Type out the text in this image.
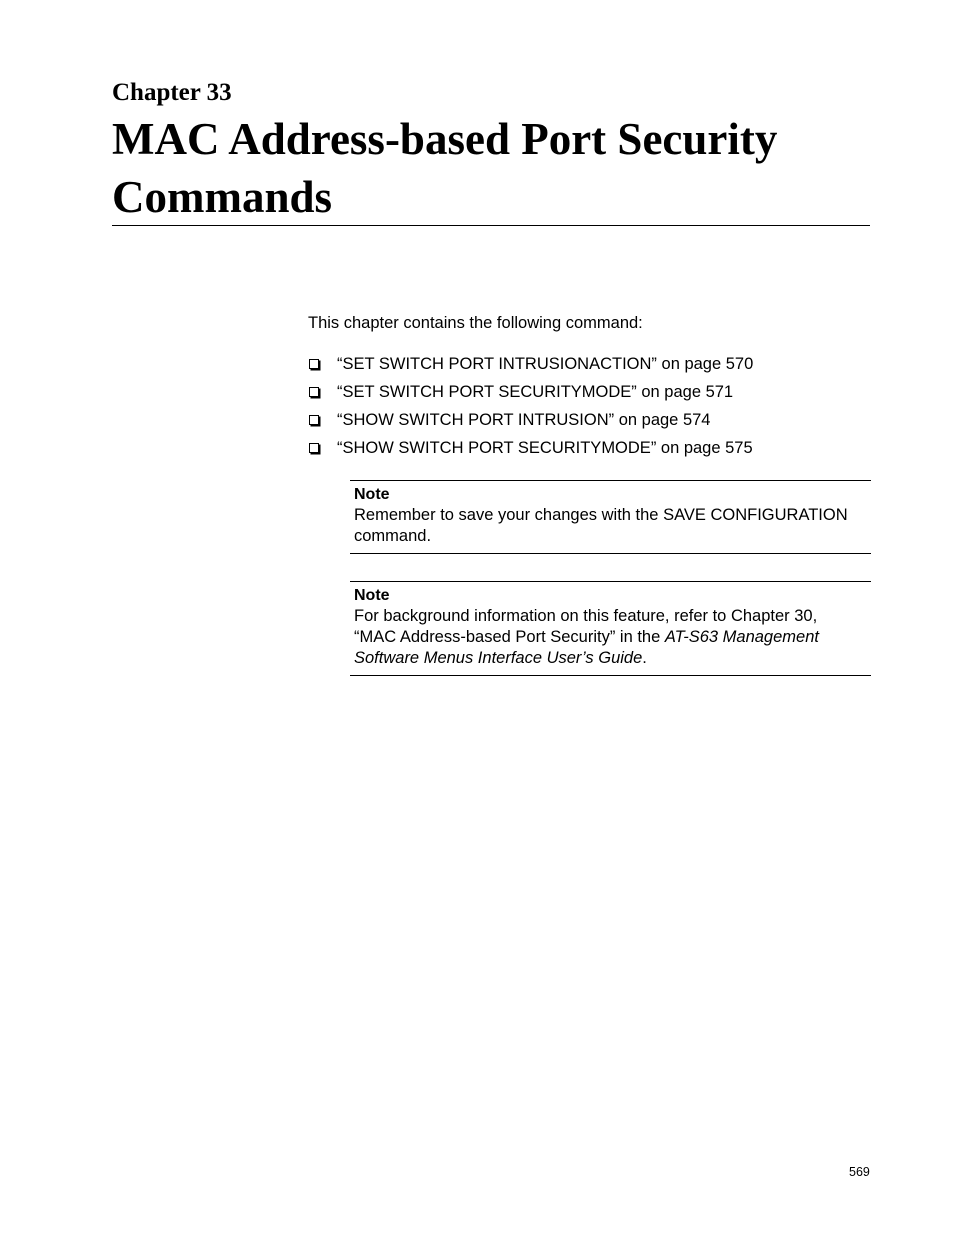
Chapter 33
MAC Address-based Port Security
Commands
This chapter contains the following command:
“SET SWITCH PORT INTRUSIONACTION” on page 570
“SET SWITCH PORT SECURITYMODE” on page 571
“SHOW SWITCH PORT INTRUSION” on page 574
“SHOW SWITCH PORT SECURITYMODE” on page 575
Note
Remember to save your changes with the SAVE CONFIGURATION
command.
Note
For background information on this feature, refer to Chapter 30,
“MAC Address-based Port Security” in the AT-S63 Management
Software Menus Interface User’s Guide.
569
